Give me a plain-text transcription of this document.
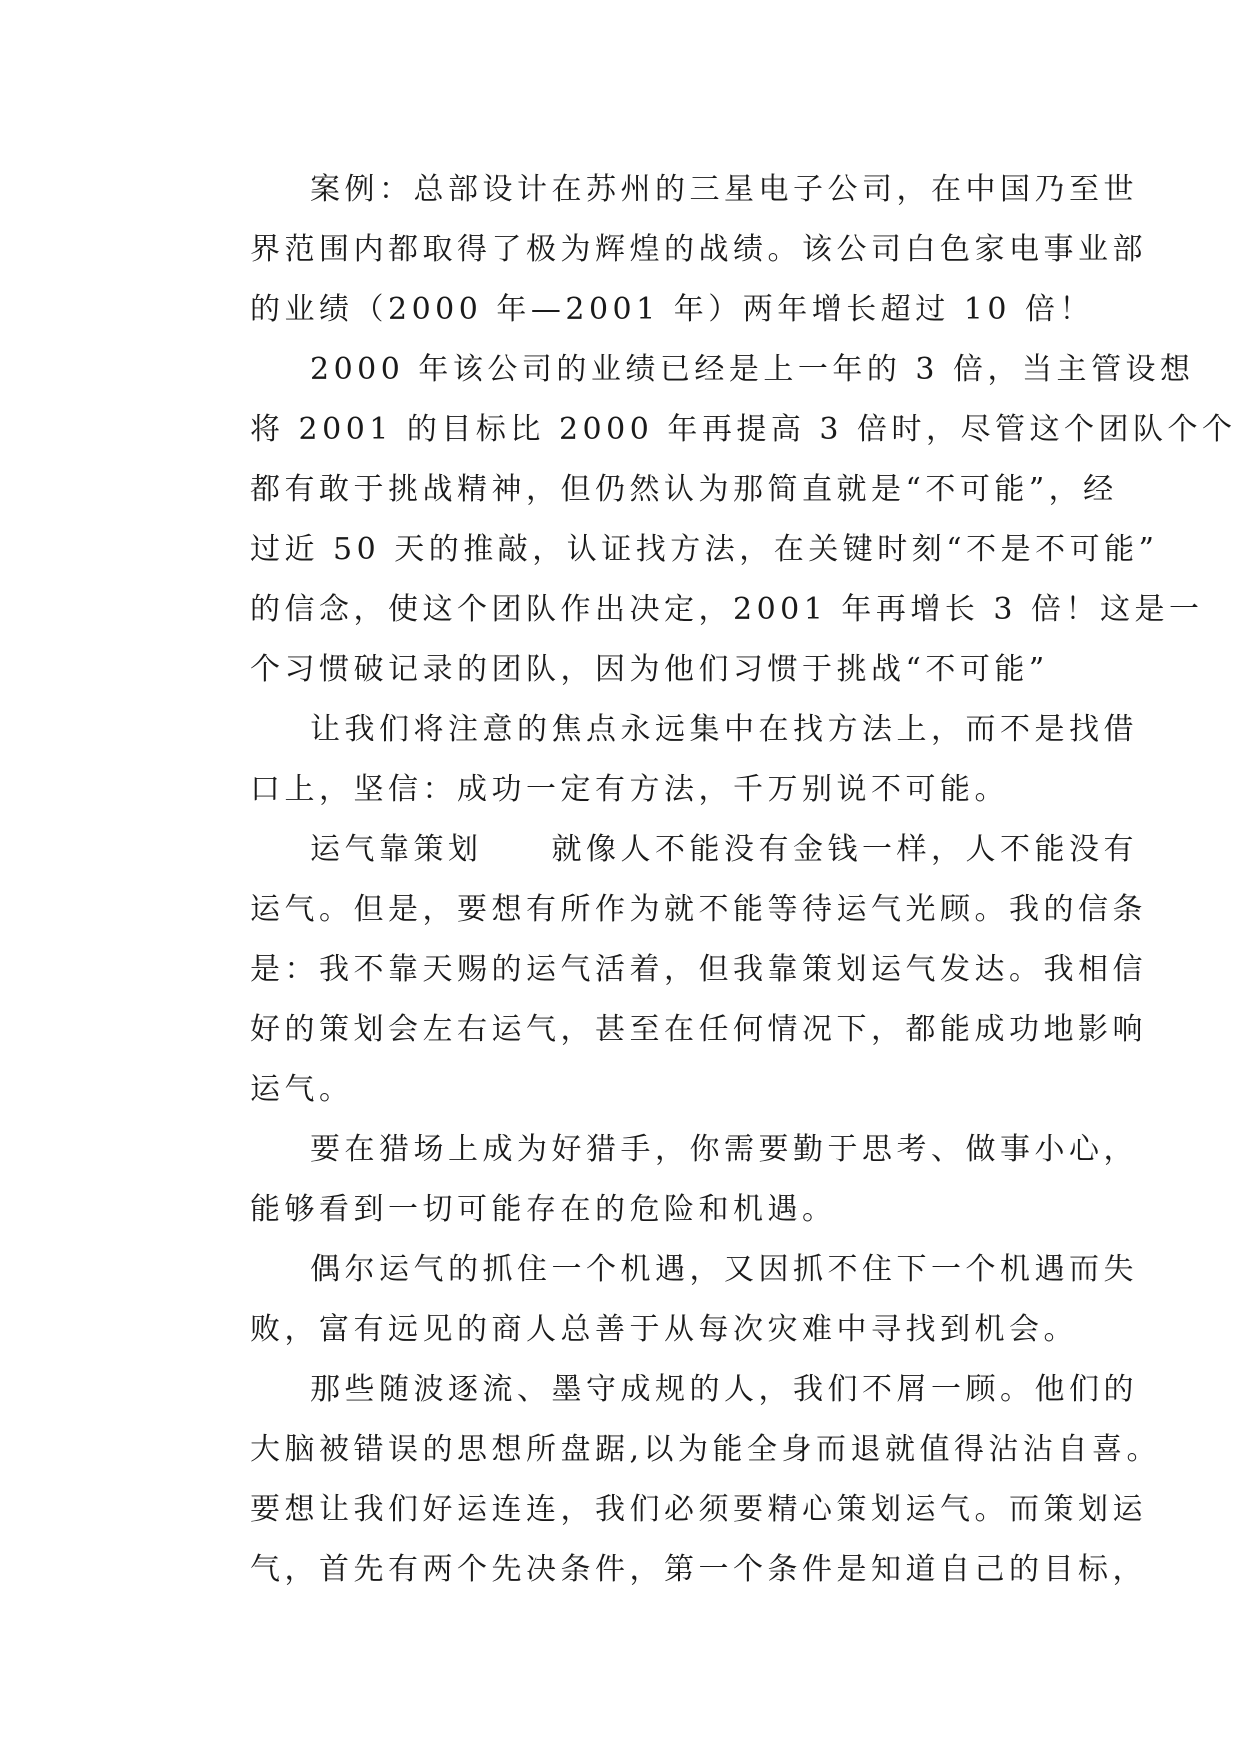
案例：总部设计在苏州的三星电子公司，在中国乃至世
界范围内都取得了极为辉煌的战绩。该公司白色家电事业部
的业绩（2000 年—2001 年）两年增长超过 10 倍！
2000 年该公司的业绩已经是上一年的 3 倍，当主管设想
将 2001 的目标比 2000 年再提高 3 倍时，尽管这个团队个个
都有敢于挑战精神，但仍然认为那简直就是“不可能”，经
过近 50 天的推敲，认证找方法，在关键时刻“不是不可能”
的信念，使这个团队作出决定，2001 年再增长 3 倍！这是一
个习惯破记录的团队，因为他们习惯于挑战“不可能”
让我们将注意的焦点永远集中在找方法上，而不是找借
口上，坚信：成功一定有方法，千万别说不可能。
运气靠策划　　就像人不能没有金钱一样，人不能没有
运气。但是，要想有所作为就不能等待运气光顾。我的信条
是：我不靠天赐的运气活着，但我靠策划运气发达。我相信
好的策划会左右运气，甚至在任何情况下，都能成功地影响
运气。
要在猎场上成为好猎手，你需要勤于思考、做事小心，
能够看到一切可能存在的危险和机遇。
偶尔运气的抓住一个机遇，又因抓不住下一个机遇而失
败，富有远见的商人总善于从每次灾难中寻找到机会。
那些随波逐流、墨守成规的人，我们不屑一顾。他们的
大脑被错误的思想所盘踞,以为能全身而退就值得沾沾自喜。
要想让我们好运连连，我们必须要精心策划运气。而策划运
气，首先有两个先决条件，第一个条件是知道自己的目标，
